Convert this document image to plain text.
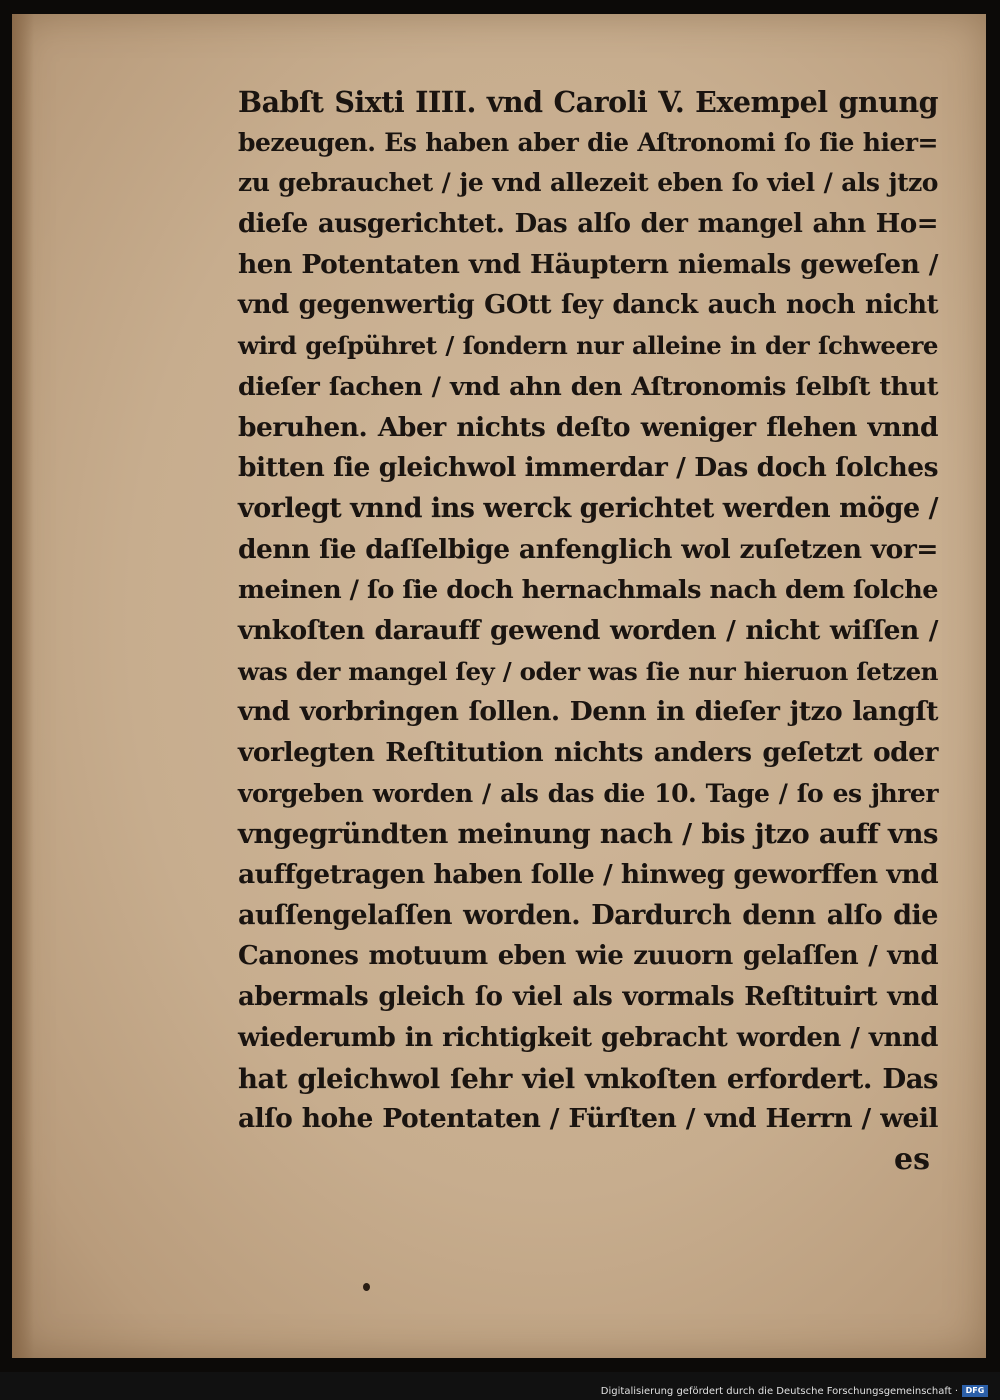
Babſt Sixti IIII. vnd Caroli V. Exempel gnung
bezeugen. Es haben aber die Aſtronomi ſo ſie hier=
zu gebrauchet / je vnd allezeit eben ſo viel / als jtzo
dieſe ausgerichtet. Das alſo der mangel ahn Ho=
hen Potentaten vnd Häuptern niemals geweſen /
vnd gegenwertig GOtt ſey danck auch noch nicht
wird geſpühret / ſondern nur alleine in der ſchweere
dieſer ſachen / vnd ahn den Aſtronomis ſelbſt thut
beruhen. Aber nichts deſto weniger flehen vnnd
bitten ſie gleichwol immerdar / Das doch ſolches
vorlegt vnnd ins werck gerichtet werden möge /
denn ſie daſſelbige anfenglich wol zuſetzen vor=
meinen / ſo ſie doch hernachmals nach dem ſolche
vnkoſten darauff gewend worden / nicht wiſſen /
was der mangel ſey / oder was ſie nur hieruon ſetzen
vnd vorbringen ſollen. Denn in dieſer jtzo langſt
vorlegten Reſtitution nichts anders geſetzt oder
vorgeben worden / als das die 10. Tage / ſo es jhrer
vngegründten meinung nach / bis jtzo auff vns
auffgetragen haben ſolle / hinweg geworffen vnd
auſſengelaſſen worden. Dardurch denn alſo die
Canones motuum eben wie zuuorn gelaſſen / vnd
abermals gleich ſo viel als vormals Reſtituirt vnd
wiederumb in richtigkeit gebracht worden / vnnd
hat gleichwol ſehr viel vnkoſten erfordert. Das
alſo hohe Potentaten / Fürſten / vnd Herrn / weil
es
Digitalisierung gefördert durch die Deutsche Forschungsgemeinschaft · DFG
